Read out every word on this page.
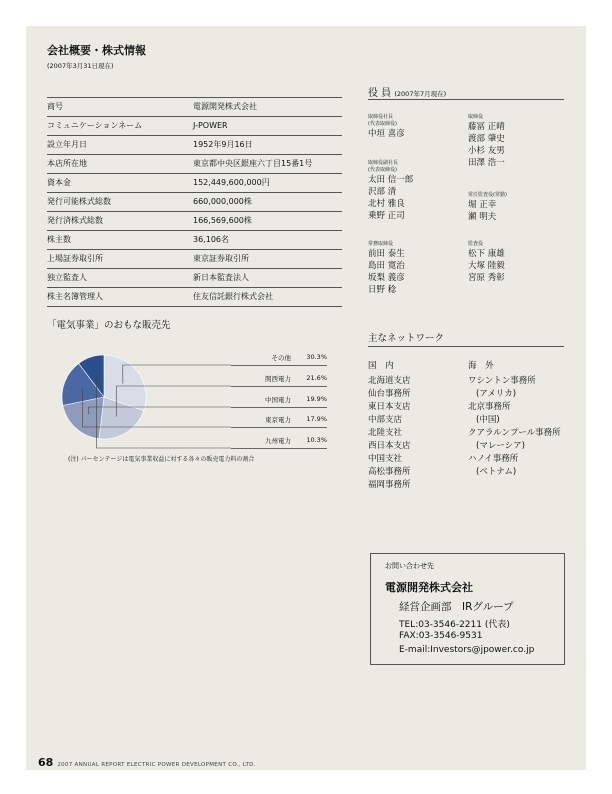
会社概要・株式情報
(2007年3月31日現在)
商号	電源開発株式会社
コミュニケーションネーム	J-POWER
設立年月日	1952年9月16日
本店所在地	東京都中央区銀座六丁目15番1号
資本金	152,449,600,000円
発行可能株式総数	660,000,000株
発行済株式総数	166,569,600株
株主数	36,106名
上場証券取引所	東京証券取引所
独立監査人	新日本監査法人
株主名簿管理人	住友信託銀行株式会社
「電気事業」のおもな販売先
その他 30.3%
関西電力 21.6%
中国電力 19.9%
東京電力 17.9%
九州電力 10.3%
(注) パーセンテージは電気事業収益に対する各々の販売電力料の割合
役 員 (2007年7月現在)
取締役社長
(代表取締役)
中垣 喜彦
取締役副社長
(代表取締役)
太田 信一郎
沢部 清
北村 雅良
乗野 正司
常務取締役
前田 泰生
島田 寛治
坂梨 義彦
日野 稔
取締役
藤冨 正晴
渡部 肇史
小杉 友男
田澤 浩一
常任監査役(常勤)
堀 正幸
瀬 明夫
監査役
松下 康雄
大塚 陸毅
宮原 秀彰
主なネットワーク
国 内
北海道支店
仙台事務所
東日本支店
中部支店
北陸支社
西日本支店
中国支社
高松事務所
福岡事務所
海 外
ワシントン事務所
(アメリカ)
北京事務所
(中国)
クアラルンプール事務所
(マレーシア)
ハノイ事務所
(ベトナム)
お問い合わせ先
電源開発株式会社
経営企画部　IRグループ
TEL:03-3546-2211 (代表)
FAX:03-3546-9531
E-mail:Investors@jpower.co.jp
68 2007 ANNUAL REPORT ELECTRIC POWER DEVELOPMENT CO., LTD.
